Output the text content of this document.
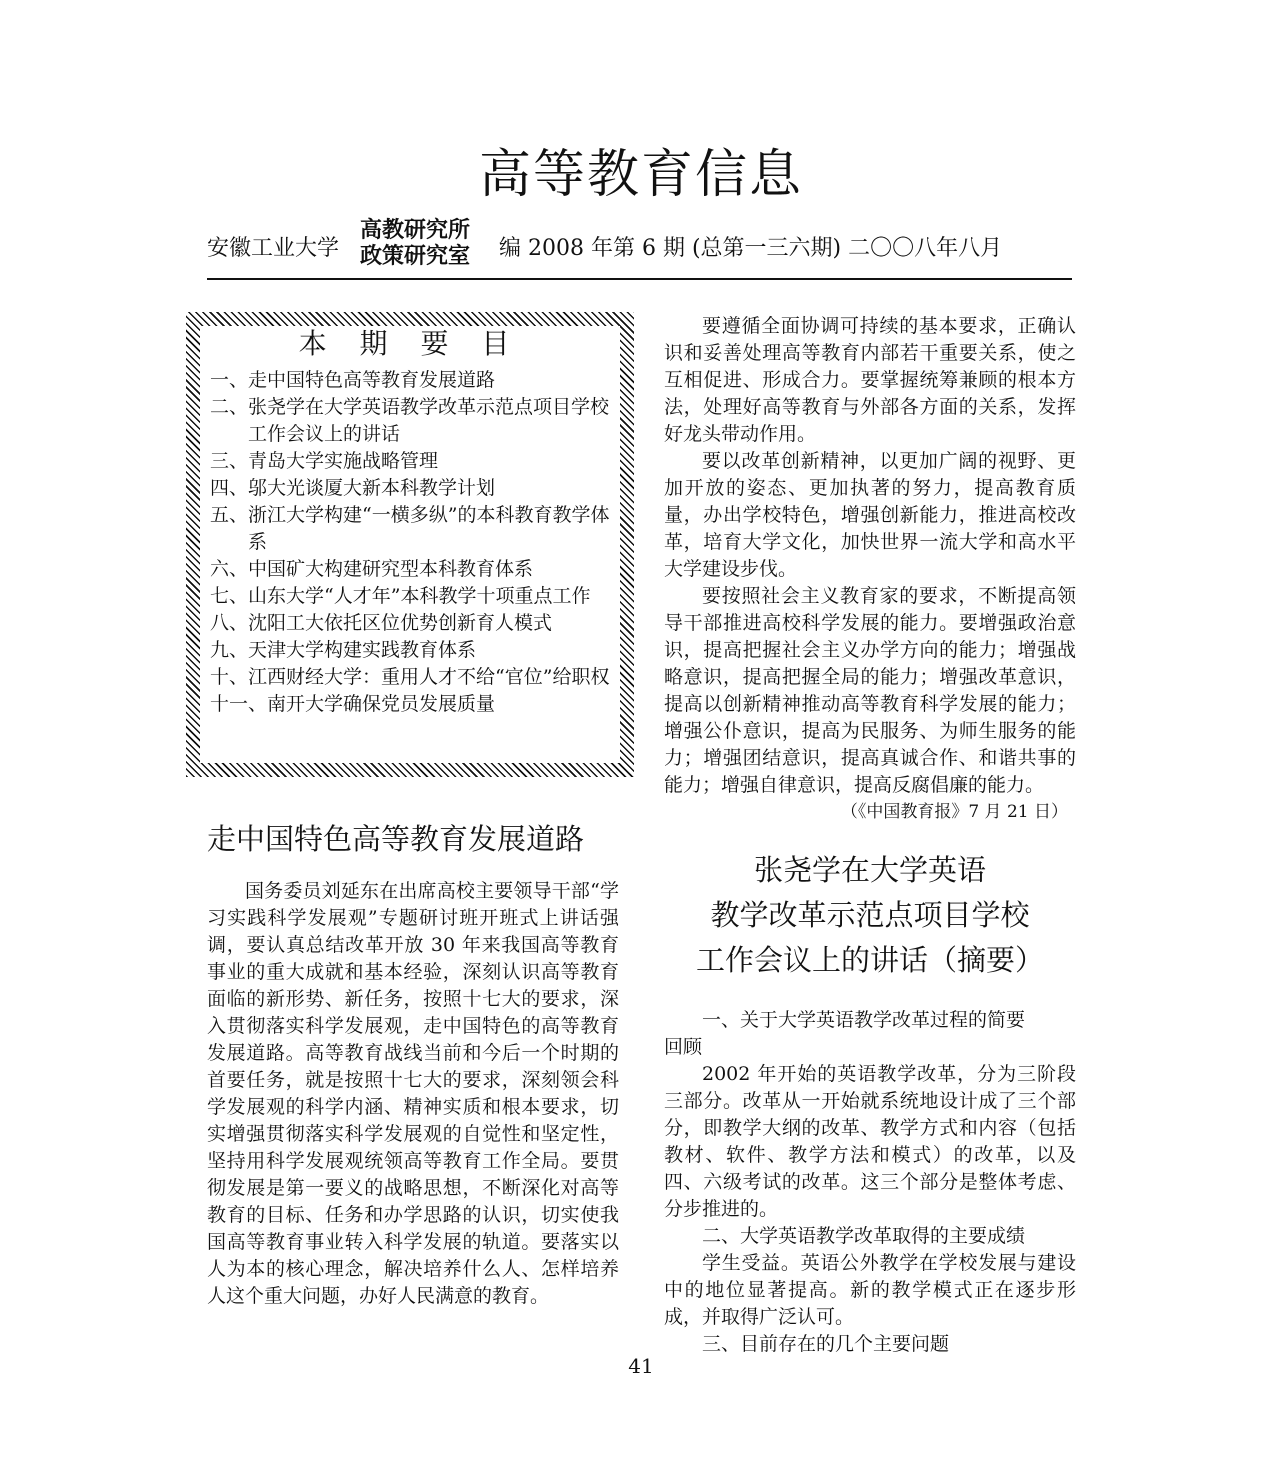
高等教育信息
安徽工业大学
高教研究所
政策研究室 编 2008 年第 6 期 (总第一三六期) 二〇〇八年八月
本 期 要 目
一、 走中国特色高等教育发展道路
二、 张尧学在大学英语教学改革示范点项目学校工作会议上的讲话
三、 青岛大学实施战略管理
四、 邬大光谈厦大新本科教学计划
五、 浙江大学构建“一横多纵”的本科教育教学体系
六、 中国矿大构建研究型本科教育体系
七、 山东大学“人才年”本科教学十项重点工作
八、 沈阳工大依托区位优势创新育人模式
九、 天津大学构建实践教育体系
十、 江西财经大学：重用人才不给“官位”给职权
十一、 南开大学确保党员发展质量
走中国特色高等教育发展道路

国务委员刘延东在出席高校主要领导干部“学习实践科学发展观”专题研讨班开班式上讲话强调，要认真总结改革开放 30 年来我国高等教育事业的重大成就和基本经验，深刻认识高等教育面临的新形势、新任务，按照十七大的要求，深入贯彻落实科学发展观，走中国特色的高等教育发展道路。高等教育战线当前和今后一个时期的首要任务，就是按照十七大的要求，深刻领会科学发展观的科学内涵、精神实质和根本要求，切实增强贯彻落实科学发展观的自觉性和坚定性，坚持用科学发展观统领高等教育工作全局。要贯彻发展是第一要义的战略思想，不断深化对高等教育的目标、任务和办学思路的认识，切实使我国高等教育事业转入科学发展的轨道。要落实以人为本的核心理念，解决培养什么人、怎样培养人这个重大问题，办好人民满意的教育。

要遵循全面协调可持续的基本要求，正确认识和妥善处理高等教育内部若干重要关系，使之互相促进、形成合力。要掌握统筹兼顾的根本方法，处理好高等教育与外部各方面的关系，发挥好龙头带动作用。

要以改革创新精神，以更加广阔的视野、更加开放的姿态、更加执著的努力，提高教育质量，办出学校特色，增强创新能力，推进高校改革，培育大学文化，加快世界一流大学和高水平大学建设步伐。

要按照社会主义教育家的要求，不断提高领导干部推进高校科学发展的能力。要增强政治意识，提高把握社会主义办学方向的能力；增强战略意识，提高把握全局的能力；增强改革意识，提高以创新精神推动高等教育科学发展的能力；增强公仆意识，提高为民服务、为师生服务的能力；增强团结意识，提高真诚合作、和谐共事的能力；增强自律意识，提高反腐倡廉的能力。

（《中国教育报》7 月 21 日）

张尧学在大学英语
教学改革示范点项目学校
工作会议上的讲话（摘要）

一、关于大学英语教学改革过程的简要

回顾

2002 年开始的英语教学改革，分为三阶段三部分。改革从一开始就系统地设计成了三个部分，即教学大纲的改革、教学方式和内容（包括教材、软件、教学方法和模式）的改革，以及四、六级考试的改革。这三个部分是整体考虑、分步推进的。

二、大学英语教学改革取得的主要成绩

学生受益。英语公外教学在学校发展与建设中的地位显著提高。新的教学模式正在逐步形成，并取得广泛认可。

三、目前存在的几个主要问题

41
